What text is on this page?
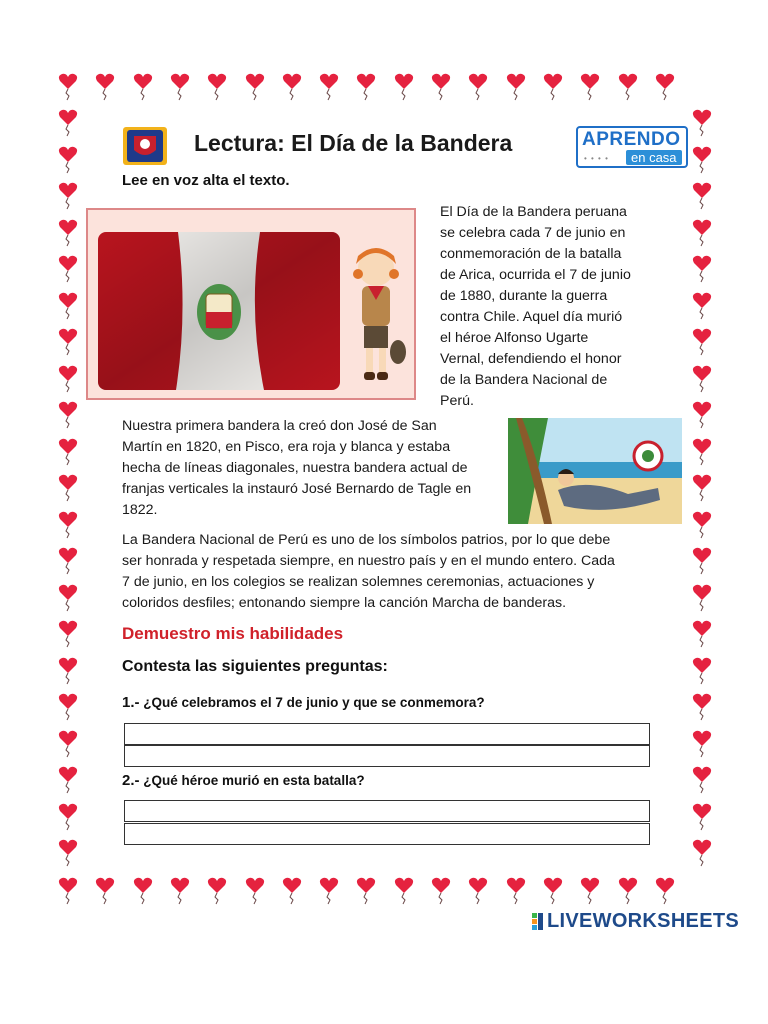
Lectura: El Día de la Bandera	APRENDO
• • • •	en casa
Lee en voz alta el texto.
El Día de la Bandera peruana
se celebra cada 7 de junio en
conmemoración de la batalla
de Arica, ocurrida el 7 de junio
de 1880, durante la guerra
contra Chile. Aquel día murió
el héroe Alfonso Ugarte
Vernal, defendiendo el honor
de la Bandera Nacional de
Perú.
Nuestra primera bandera la creó don José de San
Martín en 1820, en Pisco, era roja y blanca y estaba
hecha de líneas diagonales, nuestra bandera actual de
franjas verticales la instauró José Bernardo de Tagle en
1822.
La Bandera Nacional de Perú es uno de los símbolos patrios, por lo que debe
ser honrada y respetada siempre, en nuestro país y en el mundo entero. Cada
7 de junio, en los colegios se realizan solemnes ceremonias, actuaciones y
coloridos desfiles; entonando siempre la canción Marcha de banderas.
Demuestro mis habilidades
Contesta las siguientes preguntas:
1.- ¿Qué celebramos el 7 de junio y que se conmemora?
2.- ¿Qué héroe murió en esta batalla?
LIVEWORKSHEETS
